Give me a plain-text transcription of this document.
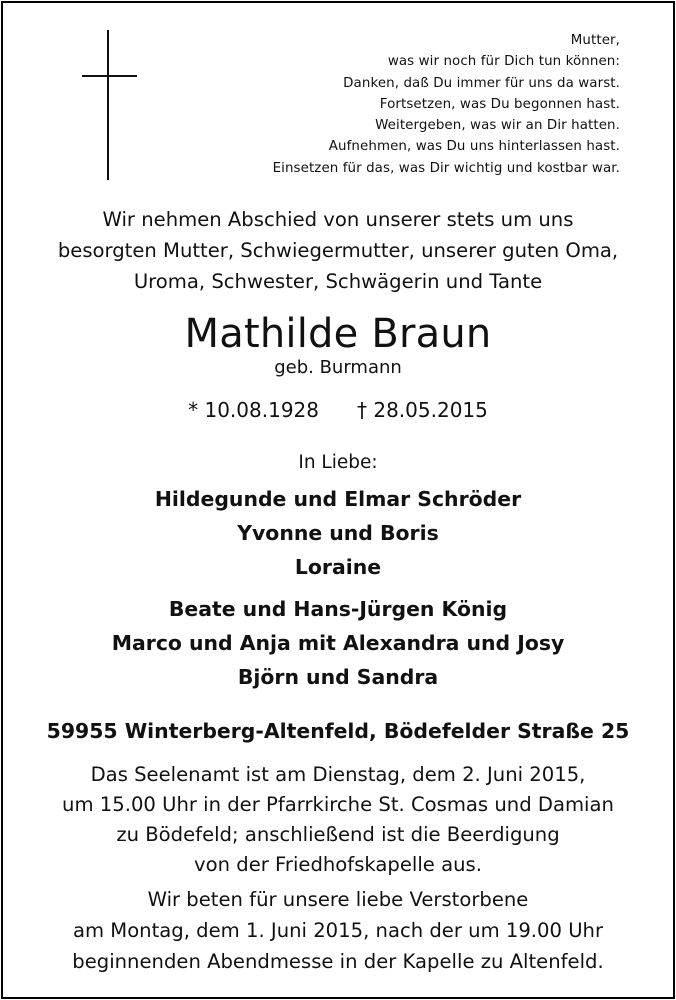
Mutter,
was wir noch für Dich tun können:
Danken, daß Du immer für uns da warst.
Fortsetzen, was Du begonnen hast.
Weitergeben, was wir an Dir hatten.
Aufnehmen, was Du uns hinterlassen hast.
Einsetzen für das, was Dir wichtig und kostbar war.
Wir nehmen Abschied von unserer stets um uns
besorgten Mutter, Schwiegermutter, unserer guten Oma,
Uroma, Schwester, Schwägerin und Tante
Mathilde Braun
geb. Burmann
* 10.08.1928 † 28.05.2015
In Liebe:
Hildegunde und Elmar Schröder
Yvonne und Boris
Loraine
Beate und Hans-Jürgen König
Marco und Anja mit Alexandra und Josy
Björn und Sandra
59955 Winterberg-Altenfeld, Bödefelder Straße 25
Das Seelenamt ist am Dienstag, dem 2. Juni 2015,
um 15.00 Uhr in der Pfarrkirche St. Cosmas und Damian
zu Bödefeld; anschließend ist die Beerdigung
von der Friedhofskapelle aus.
Wir beten für unsere liebe Verstorbene
am Montag, dem 1. Juni 2015, nach der um 19.00 Uhr
beginnenden Abendmesse in der Kapelle zu Altenfeld.
